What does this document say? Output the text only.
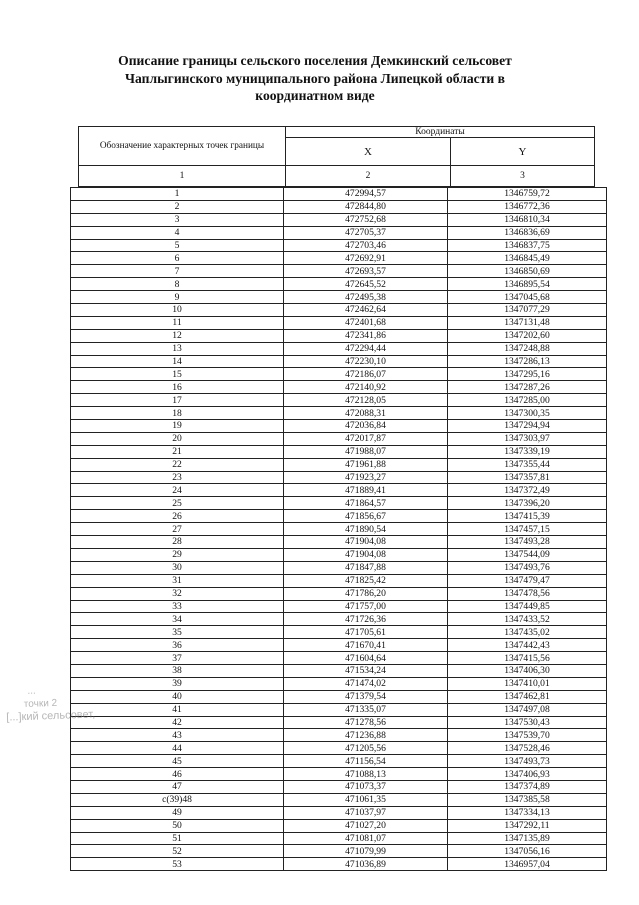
Описание границы сельского поселения Демкинский сельсовет
Чаплыгинского муниципального района Липецкой области в
координатном виде
Обозначение характерных точек границы	Координаты	
	X	Y
1	2	3
1	472994,57	1346759,72
2	472844,80	1346772,36
3	472752,68	1346810,34
4	472705,37	1346836,69
5	472703,46	1346837,75
6	472692,91	1346845,49
7	472693,57	1346850,69
8	472645,52	1346895,54
9	472495,38	1347045,68
10	472462,64	1347077,29
11	472401,68	1347131,48
12	472341,86	1347202,60
13	472294,44	1347248,88
14	472230,10	1347286,13
15	472186,07	1347295,16
16	472140,92	1347287,26
17	472128,05	1347285,00
18	472088,31	1347300,35
19	472036,84	1347294,94
20	472017,87	1347303,97
21	471988,07	1347339,19
22	471961,88	1347355,44
23	471923,27	1347357,81
24	471889,41	1347372,49
25	471864,57	1347396,20
26	471856,67	1347415,39
27	471890,54	1347457,15
28	471904,08	1347493,28
29	471904,08	1347544,09
30	471847,88	1347493,76
31	471825,42	1347479,47
32	471786,20	1347478,56
33	471757,00	1347449,85
34	471726,36	1347433,52
35	471705,61	1347435,02
36	471670,41	1347442,43
37	471604,64	1347415,56
38	471534,24	1347406,30
39	471474,02	1347410,01
40	471379,54	1347462,81
41	471335,07	1347497,08
42	471278,56	1347530,43
43	471236,88	1347539,70
44	471205,56	1347528,46
45	471156,54	1347493,73
46	471088,13	1347406,93
47	471073,37	1347374,89
с(39)48	471061,35	1347385,58
49	471037,97	1347334,13
50	471027,20	1347292,11
51	471081,07	1347135,89
52	471079,99	1347056,16
53	471036,89	1346957,04
...
точки 2
[...]кий сельсовет,
